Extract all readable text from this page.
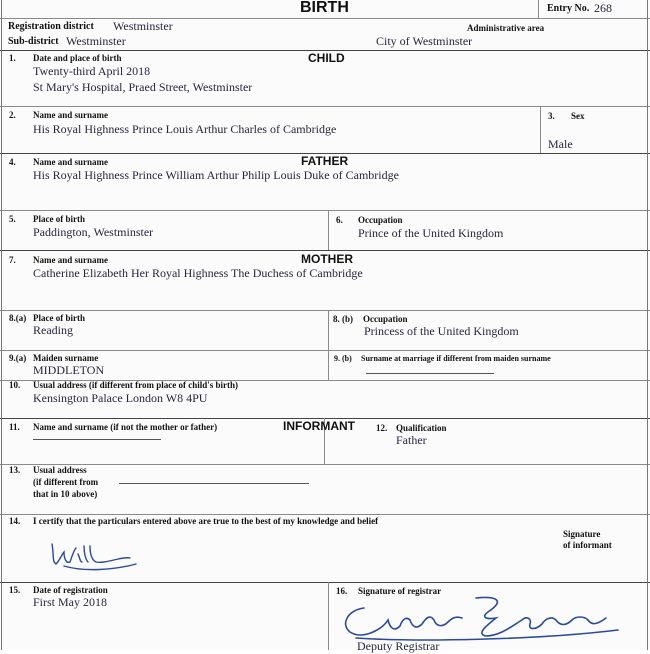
BIRTH	Entry No. 268
Registration district Westminster	Administrative area
Sub-district Westminster	City of Westminster
1. Date and place of birth	CHILD
Twenty-third April 2018
St Mary's Hospital, Praed Street, Westminster
2. Name and surname
His Royal Highness Prince Louis Arthur Charles of Cambridge
3. Sex
Male
4. Name and surname	FATHER
His Royal Highness Prince William Arthur Philip Louis Duke of Cambridge
5. Place of birth
Paddington, Westminster
6. Occupation
Prince of the United Kingdom
7. Name and surname	MOTHER
Catherine Elizabeth Her Royal Highness The Duchess of Cambridge
8.(a) Place of birth
Reading
8. (b) Occupation
Princess of the United Kingdom
9.(a) Maiden surname
MIDDLETON
9. (b) Surname at marriage if different from maiden surname
10. Usual address (if different from place of child's birth)
Kensington Palace London W8 4PU
11. Name and surname (if not the mother or father)	INFORMANT 12. Qualification
Father
13. Usual address
(if different from
that in 10 above)
14. I certify that the particulars entered above are true to the best of my knowledge and belief
Signature
of informant
15. Date of registration
First May 2018
16. Signature of registrar
Deputy Registrar
